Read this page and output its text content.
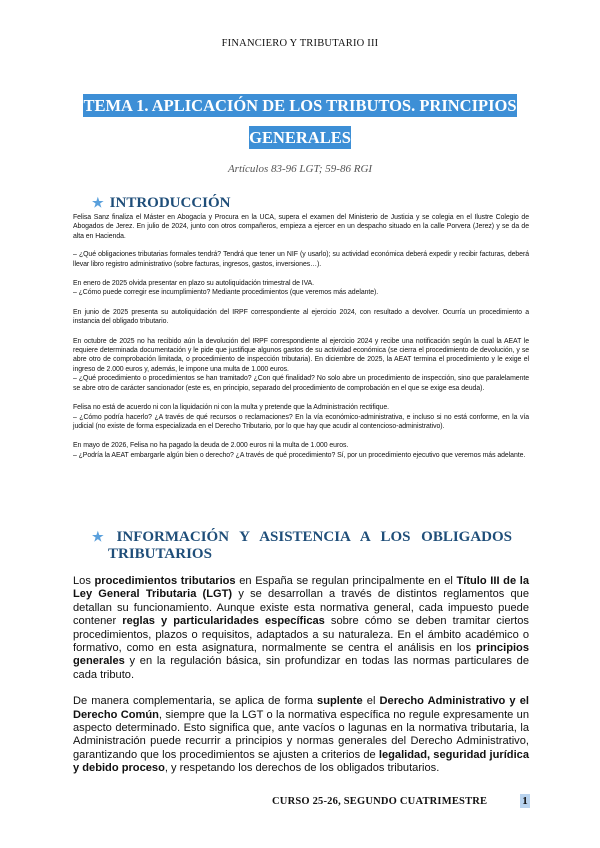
FINANCIERO Y TRIBUTARIO III
TEMA 1. APLICACIÓN DE LOS TRIBUTOS. PRINCIPIOS
GENERALES
Artículos 83-96 LGT; 59-86 RGI
★ INTRODUCCIÓN

Felisa Sanz finaliza el Máster en Abogacía y Procura en la UCA, supera el examen del Ministerio de Justicia y se colegia en el Ilustre Colegio de Abogados de Jerez. En julio de 2024, junto con otros compañeros, empieza a ejercer en un despacho situado en la calle Porvera (Jerez) y se da de alta en Hacienda.

– ¿Qué obligaciones tributarias formales tendrá? Tendrá que tener un NIF (y usarlo); su actividad económica deberá expedir y recibir facturas, deberá llevar libro registro administrativo (sobre facturas, ingresos, gastos, inversiones…).

En enero de 2025 olvida presentar en plazo su autoliquidación trimestral de IVA.

– ¿Cómo puede corregir ese incumplimiento? Mediante procedimientos (que veremos más adelante).

En junio de 2025 presenta su autoliquidación del IRPF correspondiente al ejercicio 2024, con resultado a devolver. Ocurría un procedimiento a instancia del obligado tributario.

En octubre de 2025 no ha recibido aún la devolución del IRPF correspondiente al ejercicio 2024 y recibe una notificación según la cual la AEAT le requiere determinada documentación y le pide que justifique algunos gastos de su actividad económica (se cierra el procedimiento de devolución, y se abre otro de comprobación limitada, o procedimiento de inspección tributaria). En diciembre de 2025, la AEAT termina el procedimiento y le exige el ingreso de 2.000 euros y, además, le impone una multa de 1.000 euros.

– ¿Qué procedimiento o procedimientos se han tramitado? ¿Con qué finalidad? No solo abre un procedimiento de inspección, sino que paralelamente se abre otro de carácter sancionador (este es, en principio, separado del procedimiento de comprobación en el que se exige esa deuda).

Felisa no está de acuerdo ni con la liquidación ni con la multa y pretende que la Administración rectifique.

– ¿Cómo podría hacerlo? ¿A través de qué recursos o reclamaciones? En la vía económico-administrativa, e incluso si no está conforme, en la vía judicial (no existe de forma especializada en el Derecho Tributario, por lo que hay que acudir al contencioso-administrativo).

En mayo de 2026, Felisa no ha pagado la deuda de 2.000 euros ni la multa de 1.000 euros.

– ¿Podría la AEAT embargarle algún bien o derecho? ¿A través de qué procedimiento? Sí, por un procedimiento ejecutivo que veremos más adelante.

★ INFORMACIÓN Y ASISTENCIA A LOS OBLIGADOS
TRIBUTARIOS

Los procedimientos tributarios en España se regulan principalmente en el Título III de la Ley General Tributaria (LGT) y se desarrollan a través de distintos reglamentos que detallan su funcionamiento. Aunque existe esta normativa general, cada impuesto puede contener reglas y particularidades específicas sobre cómo se deben tramitar ciertos procedimientos, plazos o requisitos, adaptados a su naturaleza. En el ámbito académico o formativo, como en esta asignatura, normalmente se centra el análisis en los principios generales y en la regulación básica, sin profundizar en todas las normas particulares de cada tributo.

De manera complementaria, se aplica de forma suplente el Derecho Administrativo y el Derecho Común, siempre que la LGT o la normativa específica no regule expresamente un aspecto determinado. Esto significa que, ante vacíos o lagunas en la normativa tributaria, la Administración puede recurrir a principios y normas generales del Derecho Administrativo, garantizando que los procedimientos se ajusten a criterios de legalidad, seguridad jurídica y debido proceso, y respetando los derechos de los obligados tributarios.

CURSO 25-26, SEGUNDO CUATRIMESTRE	1
